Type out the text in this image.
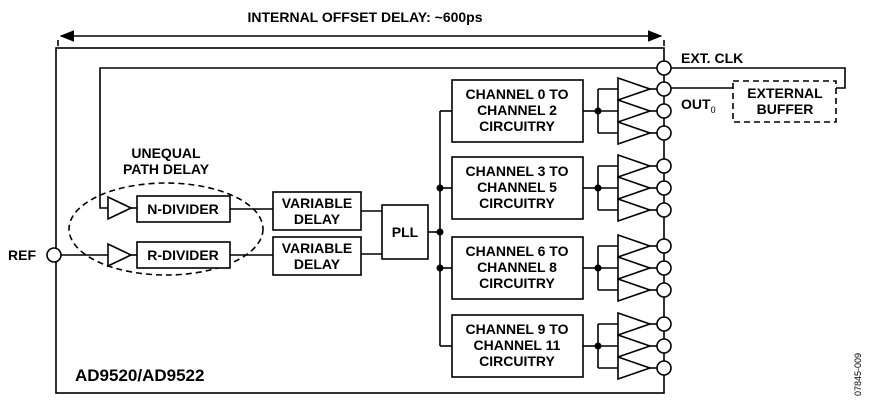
INTERNAL OFFSET DELAY: ~600ps
REF
UNEQUAL
PATH DELAY
N-DIVIDER
R-DIVIDER
VARIABLE
DELAY
VARIABLE
DELAY
PLL
CHANNEL 0 TO
CHANNEL 2
CIRCUITRY
CHANNEL 3 TO
CHANNEL 5
CIRCUITRY
CHANNEL 6 TO
CHANNEL 8
CIRCUITRY
CHANNEL 9 TO
CHANNEL 11
CIRCUITRY
EXT. CLK
$OUT_0$
EXTERNAL
BUFFER
AD9520/AD9522	07845-009
